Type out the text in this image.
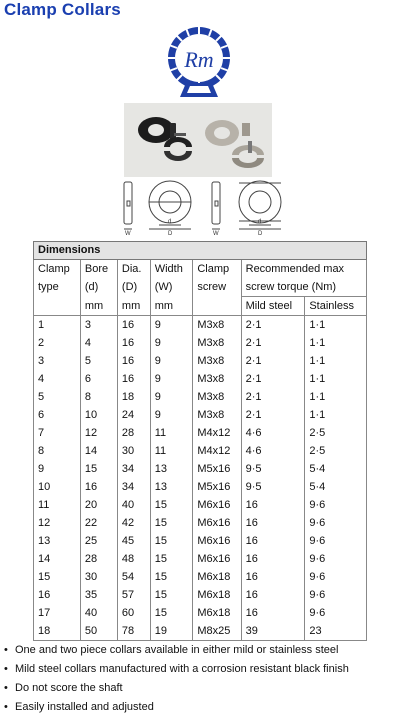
Clamp Collars
Rm
W
d
D	W
d
D
Dimensions						
Clamp	Bore	Dia.	Width	Clamp	Recommended max	
type	(d)	(D)	(W)	screw	screw torque (Nm)	
	mm	mm	mm		Mild steel	Stainless
1	3	16	9	M3x8	2·1	1·1
2	4	16	9	M3x8	2·1	1·1
3	5	16	9	M3x8	2·1	1·1
4	6	16	9	M3x8	2·1	1·1
5	8	18	9	M3x8	2·1	1·1
6	10	24	9	M3x8	2·1	1·1
7	12	28	11	M4x12	4·6	2·5
8	14	30	11	M4x12	4·6	2·5
9	15	34	13	M5x16	9·5	5·4
10	16	34	13	M5x16	9·5	5·4
11	20	40	15	M6x16	16	9·6
12	22	42	15	M6x16	16	9·6
13	25	45	15	M6x16	16	9·6
14	28	48	15	M6x16	16	9·6
15	30	54	15	M6x18	16	9·6
16	35	57	15	M6x18	16	9·6
17	40	60	15	M6x18	16	9·6
18	50	78	19	M8x25	39	23
• One and two piece collars available in either mild or stainless steel
• Mild steel collars manufactured with a corrosion resistant black finish
• Do not score the shaft
• Easily installed and adjusted
